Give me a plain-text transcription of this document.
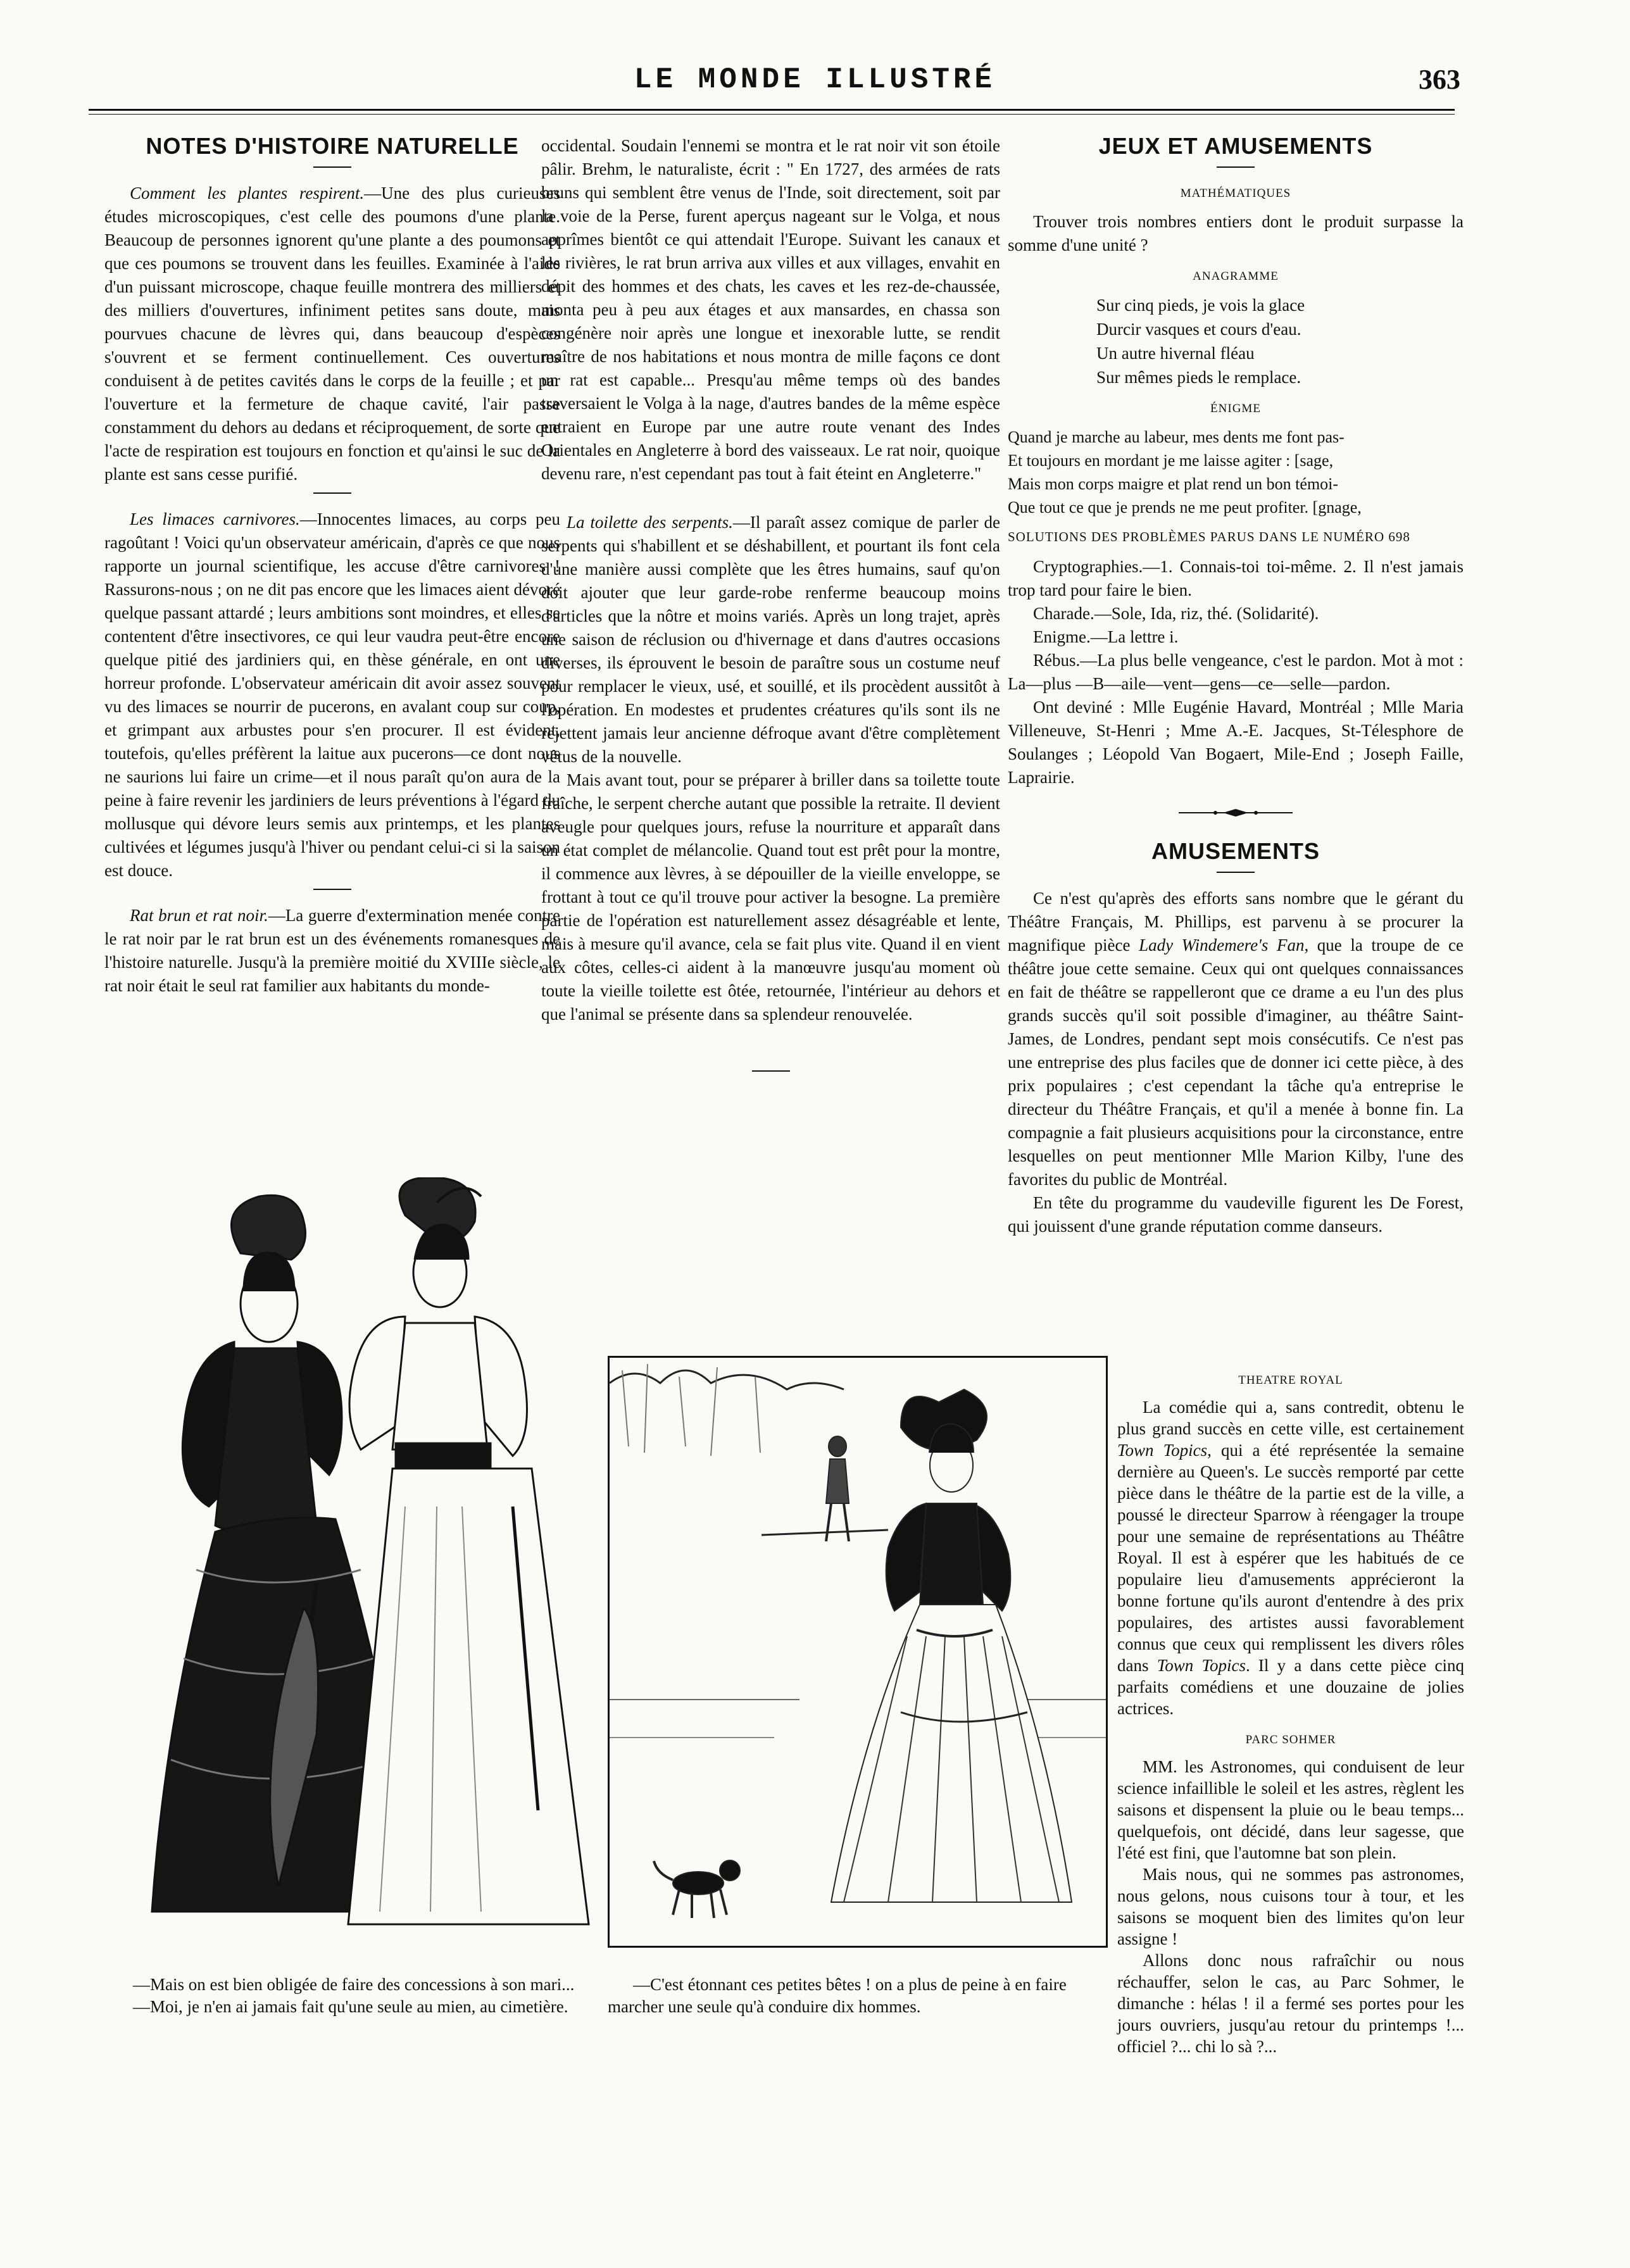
LE MONDE ILLUSTRÉ	363
NOTES D'HISTOIRE NATURELLE

Comment les plantes respirent.—Une des plus curieuses études microscopiques, c'est celle des poumons d'une plante. Beaucoup de personnes ignorent qu'une plante a des poumons et que ces poumons se trouvent dans les feuilles. Examinée à l'aide d'un puissant microscope, chaque feuille montrera des milliers et des milliers d'ouvertures, infiniment petites sans doute, mais pourvues chacune de lèvres qui, dans beaucoup d'espèces s'ouvrent et se ferment continuellement. Ces ouvertures conduisent à de petites cavités dans le corps de la feuille ; et par l'ouverture et la fermeture de chaque cavité, l'air passe constamment du dehors au dedans et réciproquement, de sorte que l'acte de respiration est toujours en fonction et qu'ainsi le suc de la plante est sans cesse purifié.

Les limaces carnivores.—Innocentes limaces, au corps peu ragoûtant ! Voici qu'un observateur américain, d'après ce que nous rapporte un journal scientifique, les accuse d'être carnivores ! Rassurons-nous ; on ne dit pas encore que les limaces aient dévoré quelque passant attardé ; leurs ambitions sont moindres, et elles se contentent d'être insectivores, ce qui leur vaudra peut-être encore quelque pitié des jardiniers qui, en thèse générale, en ont une horreur profonde. L'observateur américain dit avoir assez souvent vu des limaces se nourrir de pucerons, en avalant coup sur coup, et grimpant aux arbustes pour s'en procurer. Il est évident, toutefois, qu'elles préfèrent la laitue aux pucerons—ce dont nous ne saurions lui faire un crime—et il nous paraît qu'on aura de la peine à faire revenir les jardiniers de leurs préventions à l'égard du mollusque qui dévore leurs semis aux printemps, et les plantes cultivées et légumes jusqu'à l'hiver ou pendant celui-ci si la saison est douce.

Rat brun et rat noir.—La guerre d'extermination menée contre le rat noir par le rat brun est un des événements romanesques de l'histoire naturelle. Jusqu'à la première moitié du XVIIIe siècle, le rat noir était le seul rat familier aux habitants du monde-

occidental. Soudain l'ennemi se montra et le rat noir vit son étoile pâlir. Brehm, le naturaliste, écrit : " En 1727, des armées de rats bruns qui semblent être venus de l'Inde, soit directement, soit par la voie de la Perse, furent aperçus nageant sur le Volga, et nous apprîmes bientôt ce qui attendait l'Europe. Suivant les canaux et les rivières, le rat brun arriva aux villes et aux villages, envahit en dépit des hommes et des chats, les caves et les rez-de-chaussée, monta peu à peu aux étages et aux mansardes, en chassa son congénère noir après une longue et inexorable lutte, se rendit maître de nos habitations et nous montra de mille façons ce dont un rat est capable... Presqu'au même temps où des bandes traversaient le Volga à la nage, d'autres bandes de la même espèce entraient en Europe par une autre route venant des Indes Orientales en Angleterre à bord des vaisseaux. Le rat noir, quoique devenu rare, n'est cependant pas tout à fait éteint en Angleterre."

La toilette des serpents.—Il paraît assez comique de parler de serpents qui s'habillent et se déshabillent, et pourtant ils font cela d'une manière aussi complète que les êtres humains, sauf qu'on doit ajouter que leur garde-robe renferme beaucoup moins d'articles que la nôtre et moins variés. Après un long trajet, après une saison de réclusion ou d'hivernage et dans d'autres occasions diverses, ils éprouvent le besoin de paraître sous un costume neuf pour remplacer le vieux, usé, et souillé, et ils procèdent aussitôt à l'opération. En modestes et prudentes créatures qu'ils sont ils ne rejettent jamais leur ancienne défroque avant d'être complètement vêtus de la nouvelle.

Mais avant tout, pour se préparer à briller dans sa toilette toute fraîche, le serpent cherche autant que possible la retraite. Il devient aveugle pour quelques jours, refuse la nourriture et apparaît dans un état complet de mélancolie. Quand tout est prêt pour la montre, il commence aux lèvres, à se dépouiller de la vieille enveloppe, se frottant à tout ce qu'il trouve pour activer la besogne. La première partie de l'opération est naturellement assez désagréable et lente, mais à mesure qu'il avance, cela se fait plus vite. Quand il en vient aux côtes, celles-ci aident à la manœuvre jusqu'au moment où toute la vieille toilette est ôtée, retournée, l'intérieur au dehors et que l'animal se présente dans sa splendeur renouvelée.

JEUX ET AMUSEMENTS
MATHÉMATIQUES

Trouver trois nombres entiers dont le produit surpasse la somme d'une unité ?

ANAGRAMME
Sur cinq pieds, je vois la glace
Durcir vasques et cours d'eau.
Un autre hivernal fléau
Sur mêmes pieds le remplace.
ÉNIGME
Quand je marche au labeur, mes dents me font pas-
Et toujours en mordant je me laisse agiter : [sage,
Mais mon corps maigre et plat rend un bon témoi-
Que tout ce que je prends ne me peut profiter. [gnage,
SOLUTIONS DES PROBLÈMES PARUS DANS LE NUMÉRO 698

Cryptographies.—1. Connais-toi toi-même. 2. Il n'est jamais trop tard pour faire le bien.

Charade.—Sole, Ida, riz, thé. (Solidarité).

Enigme.—La lettre i.

Rébus.—La plus belle vengeance, c'est le pardon. Mot à mot : La—plus —B—aile—vent—gens—ce—selle—pardon.

Ont deviné : Mlle Eugénie Havard, Montréal ; Mlle Maria Villeneuve, St-Henri ; Mme A.-E. Jacques, St-Télesphore de Soulanges ; Léopold Van Bogaert, Mile-End ; Joseph Faille, Laprairie.

AMUSEMENTS

Ce n'est qu'après des efforts sans nombre que le gérant du Théâtre Français, M. Phillips, est parvenu à se procurer la magnifique pièce Lady Windemere's Fan, que la troupe de ce théâtre joue cette semaine. Ceux qui ont quelques connaissances en fait de théâtre se rappelleront que ce drame a eu l'un des plus grands succès qu'il soit possible d'imaginer, au théâtre Saint-James, de Londres, pendant sept mois consécutifs. Ce n'est pas une entreprise des plus faciles que de donner ici cette pièce, à des prix populaires ; c'est cependant la tâche qu'a entreprise le directeur du Théâtre Français, et qu'il a menée à bonne fin. La compagnie a fait plusieurs acquisitions pour la circonstance, entre lesquelles on peut mentionner Mlle Marion Kilby, l'une des favorites du public de Montréal.

En tête du programme du vaudeville figurent les De Forest, qui jouissent d'une grande réputation comme danseurs.

THEATRE ROYAL

La comédie qui a, sans contredit, obtenu le plus grand succès en cette ville, est certainement Town Topics, qui a été représentée la semaine dernière au Queen's. Le succès remporté par cette pièce dans le théâtre de la partie est de la ville, a poussé le directeur Sparrow à réengager la troupe pour une semaine de représentations au Théâtre Royal. Il est à espérer que les habitués de ce populaire lieu d'amusements apprécieront la bonne fortune qu'ils auront d'entendre à des prix populaires, des artistes aussi favorablement connus que ceux qui remplissent les divers rôles dans Town Topics. Il y a dans cette pièce cinq parfaits comédiens et une douzaine de jolies actrices.

PARC SOHMER

MM. les Astronomes, qui conduisent de leur science infaillible le soleil et les astres, règlent les saisons et dispensent la pluie ou le beau temps... quelquefois, ont décidé, dans leur sagesse, que l'été est fini, que l'automne bat son plein.

Mais nous, qui ne sommes pas astronomes, nous gelons, nous cuisons tour à tour, et les saisons se moquent bien des limites qu'on leur assigne !

Allons donc nous rafraîchir ou nous réchauffer, selon le cas, au Parc Sohmer, le dimanche : hélas ! il a fermé ses portes pour les jours ouvriers, jusqu'au retour du printemps !... officiel ?... chi lo sà ?...

—Mais on est bien obligée de faire des concessions à son mari...
—Moi, je n'en ai jamais fait qu'une seule au mien, au cimetière.
—C'est étonnant ces petites bêtes ! on a plus de peine à en faire marcher une seule qu'à conduire dix hommes.
